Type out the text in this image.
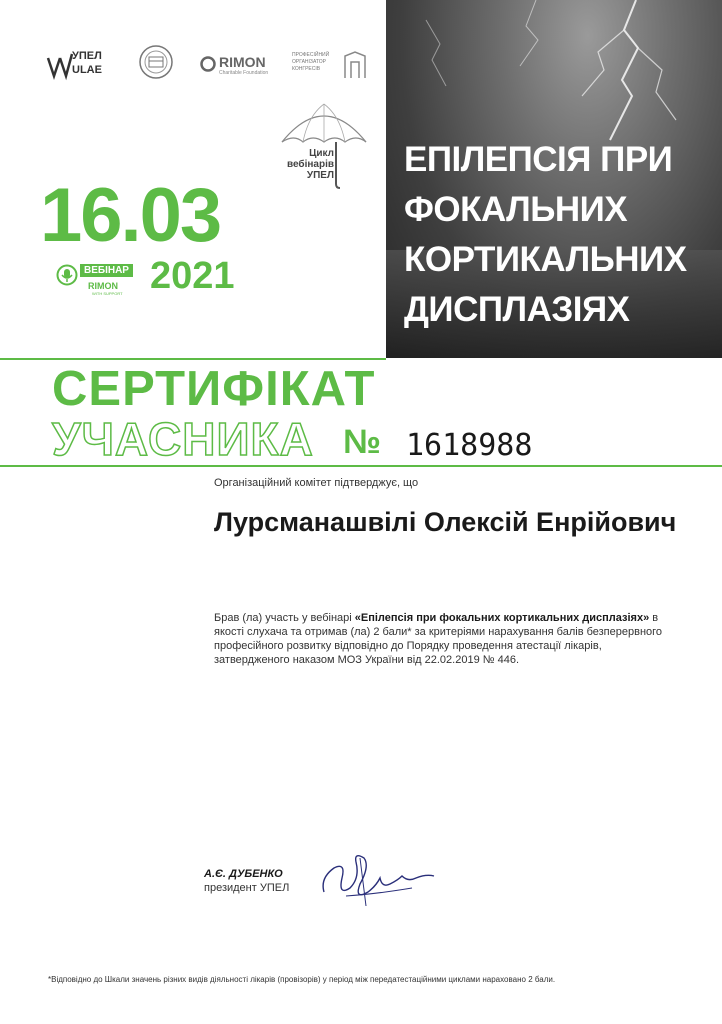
УПЕЛ
ULAE	RIMON
Charitable Foundation
ПРОФЕСІЙНИЙ
ОРГАНІЗАТОР
КОНГРЕСІВ
Цикл
вебінарів
УПЕЛ
16.03
ВЕБІНАР
RIMON
WITH SUPPORT 2021
ЕПІЛЕПСІЯ ПРИ
ФОКАЛЬНИХ
КОРТИКАЛЬНИХ
ДИСПЛАЗІЯХ
СЕРТИФІКАТ
УЧАСНИКА № 1618988
Організаційний комітет підтверджує, що
Лурсманашвілі Олексій Енрійович
Брав (ла) участь у вебінарі «Епілепсія при фокальних кортикальних дисплазіях» в якості слухача та отримав (ла) 2 бали* за критеріями нарахування балів безперервного професійного розвитку відповідно до Порядку проведення атестації лікарів, затвердженого наказом МОЗ України від 22.02.2019 № 446.
А.Є. ДУБЕНКО
президент УПЕЛ
*Відповідно до Шкали значень різних видів діяльності лікарів (провізорів) у період між передатестаційними циклами нараховано 2 бали.
